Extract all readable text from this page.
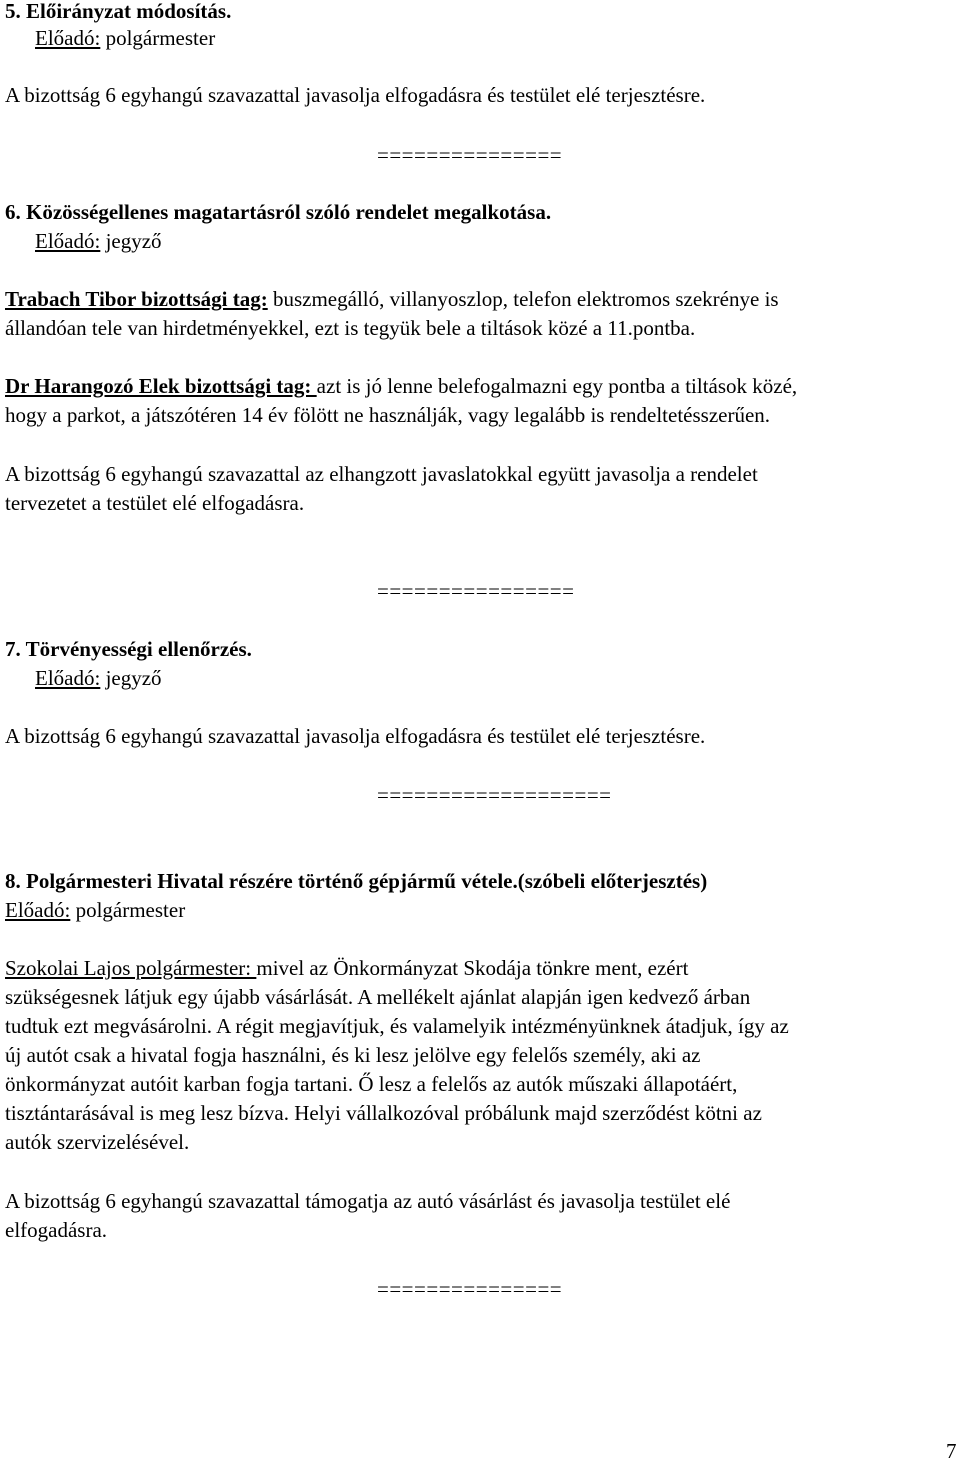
5. Előirányzat módosítás.
Előadó: polgármester
A bizottság 6 egyhangú szavazattal javasolja elfogadásra és testület elé terjesztésre.
===============
6. Közösségellenes magatartásról szóló rendelet megalkotása.
Előadó: jegyző
Trabach Tibor bizottsági tag: buszmegálló, villanyoszlop, telefon elektromos szekrénye is
állandóan tele van hirdetményekkel, ezt is tegyük bele a tiltások közé a 11.pontba.
Dr Harangozó Elek bizottsági tag: azt is jó lenne belefogalmazni egy pontba a tiltások közé,
hogy a parkot, a játszótéren 14 év fölött ne használják, vagy legalább is rendeltetésszerűen.
A bizottság 6 egyhangú szavazattal az elhangzott javaslatokkal együtt javasolja a rendelet
tervezetet a testület elé elfogadásra.
================
7. Törvényességi ellenőrzés.
Előadó: jegyző
A bizottság 6 egyhangú szavazattal javasolja elfogadásra és testület elé terjesztésre.
===================
8. Polgármesteri Hivatal részére történő gépjármű vétele.(szóbeli előterjesztés)
Előadó: polgármester
Szokolai Lajos polgármester: mivel az Önkormányzat Skodája tönkre ment, ezért
szükségesnek látjuk egy újabb vásárlását. A mellékelt ajánlat alapján igen kedvező árban
tudtuk ezt megvásárolni. A régit megjavítjuk, és valamelyik intézményünknek átadjuk, így az
új autót csak a hivatal fogja használni, és ki lesz jelölve egy felelős személy, aki az
önkormányzat autóit karban fogja tartani. Ő lesz a felelős az autók műszaki állapotáért,
tisztántarásával is meg lesz bízva. Helyi vállalkozóval próbálunk majd szerződést kötni az
autók szervizelésével.
A bizottság 6 egyhangú szavazattal támogatja az autó vásárlást és javasolja testület elé
elfogadásra.
===============
7
